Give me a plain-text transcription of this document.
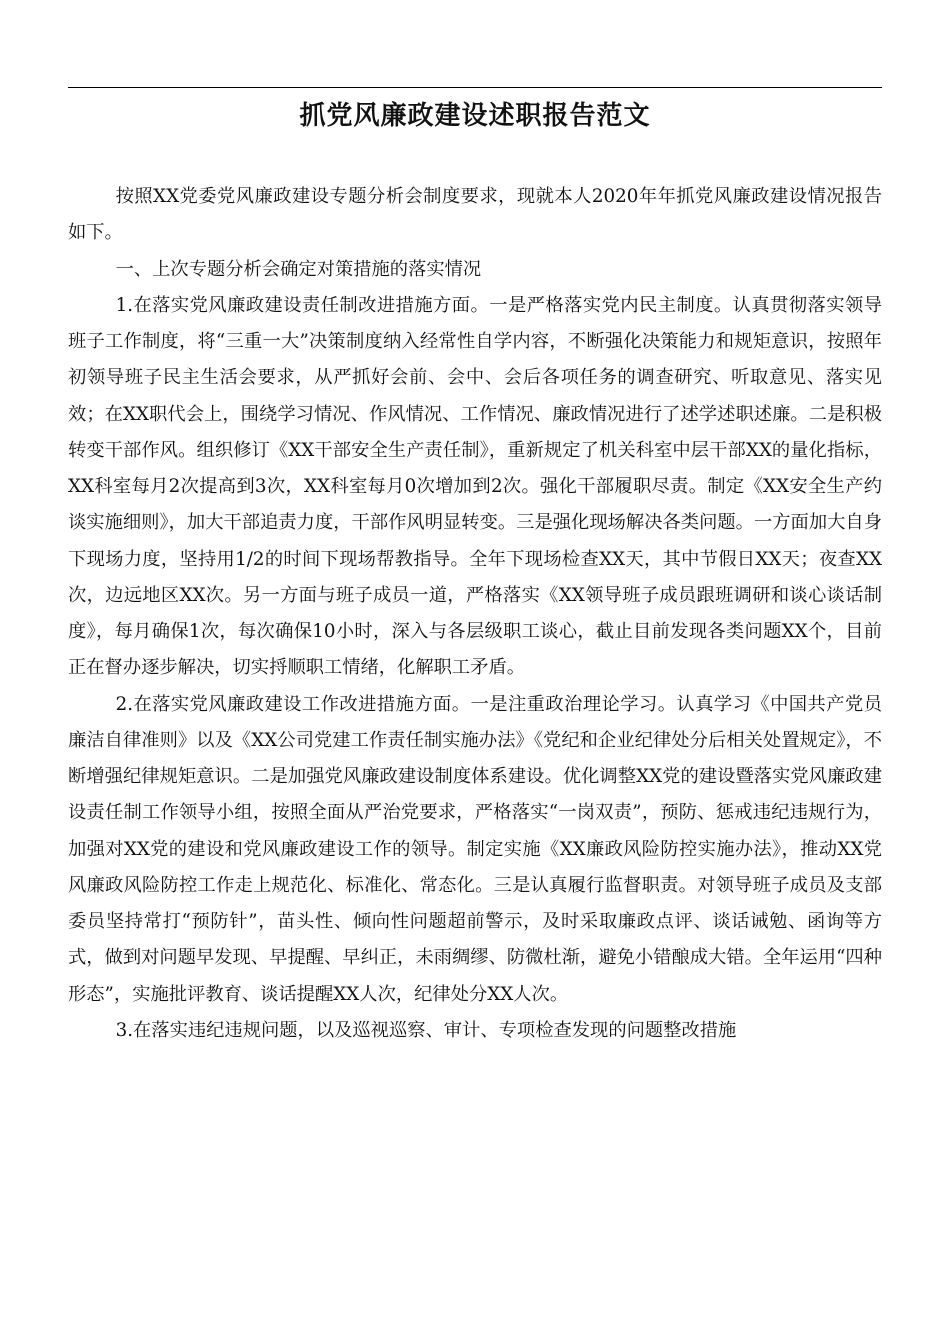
抓党风廉政建设述职报告范文

按照XX党委党风廉政建设专题分析会制度要求，现就本人2020年年抓党风廉政建设情况报告如下。

一、上次专题分析会确定对策措施的落实情况

1.在落实党风廉政建设责任制改进措施方面。一是严格落实党内民主制度。认真贯彻落实领导班子工作制度，将“三重一大”决策制度纳入经常性自学内容，不断强化决策能力和规矩意识，按照年初领导班子民主生活会要求，从严抓好会前、会中、会后各项任务的调查研究、听取意见、落实见效；在XX职代会上，围绕学习情况、作风情况、工作情况、廉政情况进行了述学述职述廉。二是积极转变干部作风。组织修订《XX干部安全生产责任制》，重新规定了机关科室中层干部XX的量化指标，XX科室每月2次提高到3次，XX科室每月0次增加到2次。强化干部履职尽责。制定《XX安全生产约谈实施细则》，加大干部追责力度，干部作风明显转变。三是强化现场解决各类问题。一方面加大自身下现场力度，坚持用1/2的时间下现场帮教指导。全年下现场检查XX天，其中节假日XX天；夜查XX次，边远地区XX次。另一方面与班子成员一道，严格落实《XX领导班子成员跟班调研和谈心谈话制度》，每月确保1次，每次确保10小时，深入与各层级职工谈心，截止目前发现各类问题XX个，目前正在督办逐步解决，切实捋顺职工情绪，化解职工矛盾。

2.在落实党风廉政建设工作改进措施方面。一是注重政治理论学习。认真学习《中国共产党员廉洁自律准则》以及《XX公司党建工作责任制实施办法》《党纪和企业纪律处分后相关处置规定》，不断增强纪律规矩意识。二是加强党风廉政建设制度体系建设。优化调整XX党的建设暨落实党风廉政建设责任制工作领导小组，按照全面从严治党要求，严格落实“一岗双责”，预防、惩戒违纪违规行为，加强对XX党的建设和党风廉政建设工作的领导。制定实施《XX廉政风险防控实施办法》，推动XX党风廉政风险防控工作走上规范化、标准化、常态化。三是认真履行监督职责。对领导班子成员及支部委员坚持常打“预防针”，苗头性、倾向性问题超前警示，及时采取廉政点评、谈话诫勉、函询等方式，做到对问题早发现、早提醒、早纠正，未雨绸缪、防微杜渐，避免小错酿成大错。全年运用“四种形态”，实施批评教育、谈话提醒XX人次，纪律处分XX人次。

3.在落实违纪违规问题，以及巡视巡察、审计、专项检查发现的问题整改措施
